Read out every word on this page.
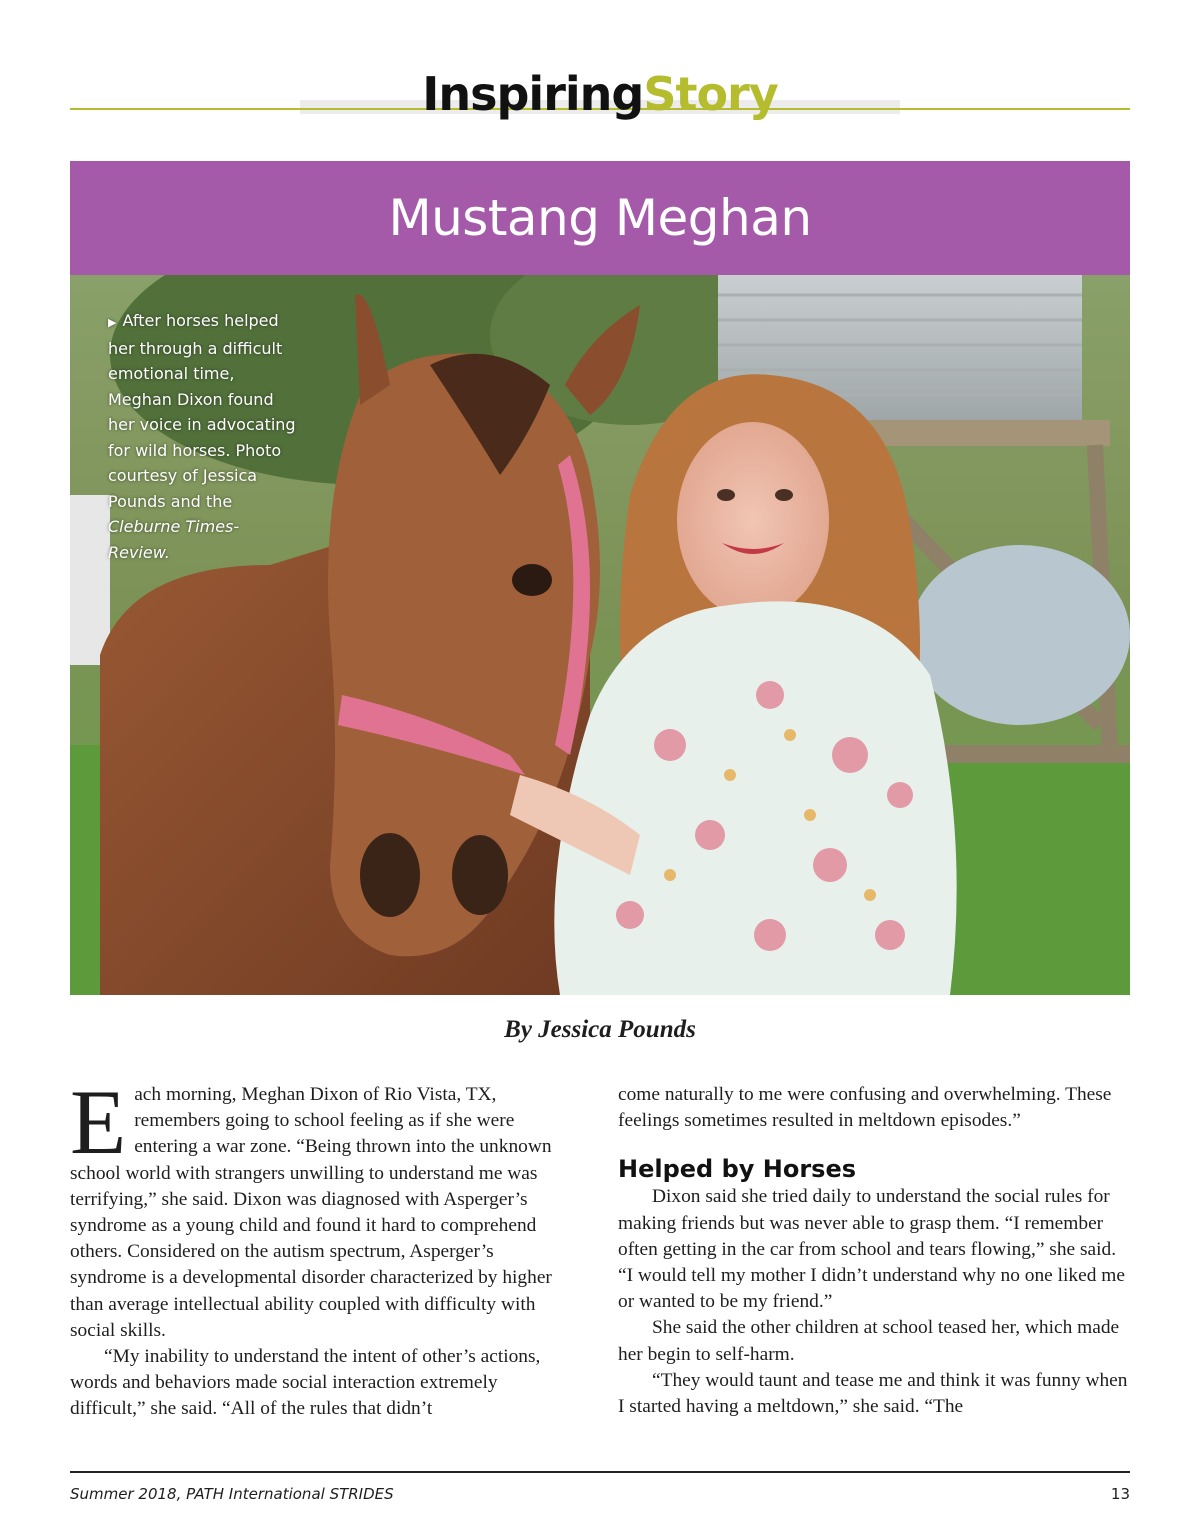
InspiringStory
Mustang Meghan
▶ After horses helped her through a difficult emotional time, Meghan Dixon found her voice in advocating for wild horses. Photo courtesy of Jessica Pounds and the Cleburne Times-Review.
By Jessica Pounds

Each morning, Meghan Dixon of Rio Vista, TX, remembers going to school feeling as if she were entering a war zone. “Being thrown into the unknown school world with strangers unwilling to understand me was terrifying,” she said. Dixon was diagnosed with Asperger’s syndrome as a young child and found it hard to comprehend others. Considered on the autism spectrum, Asperger’s syndrome is a developmental disorder characterized by higher than average intellectual ability coupled with difficulty with social skills.

“My inability to understand the intent of other’s actions, words and behaviors made social interaction extremely difficult,” she said. “All of the rules that didn’t

come naturally to me were confusing and overwhelming. These feelings sometimes resulted in meltdown episodes.”

Helped by Horses

Dixon said she tried daily to understand the social rules for making friends but was never able to grasp them. “I remember often getting in the car from school and tears flowing,” she said. “I would tell my mother I didn’t understand why no one liked me or wanted to be my friend.”

She said the other children at school teased her, which made her begin to self-harm.

“They would taunt and tease me and think it was funny when I started having a meltdown,” she said. “The

Summer 2018, PATH International STRIDES	13
